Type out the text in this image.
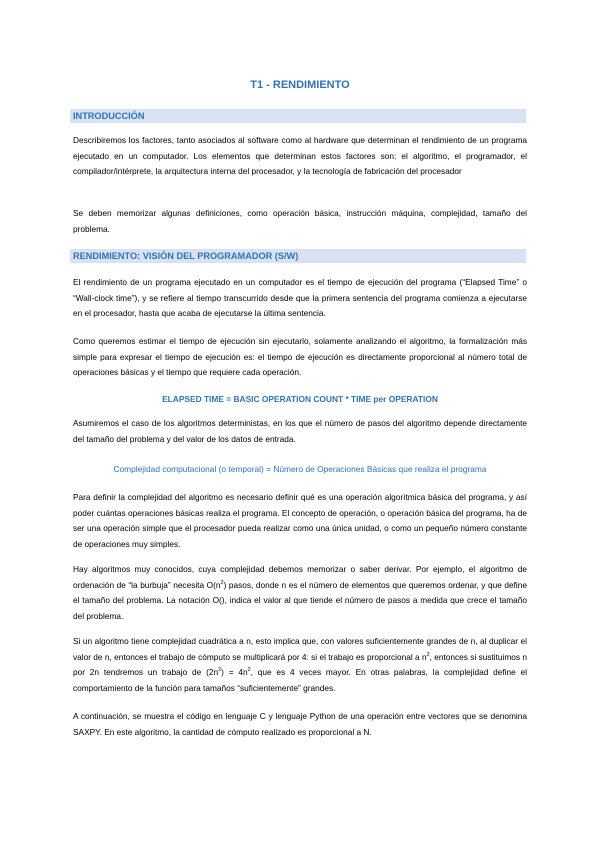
T1 - RENDIMIENTO
INTRODUCCIÓN

Describiremos los factores, tanto asociados al software como al hardware que determinan el rendimiento de un programa ejecutado en un computador. Los elementos que determinan estos factores son: el algoritmo, el programador, el compilador/intérprete, la arquitectura interna del procesador, y la tecnología de fabricación del procesador

Se deben memorizar algunas definiciones, como operación básica, instrucción máquina, complejidad, tamaño del problema.

RENDIMIENTO: VISIÓN DEL PROGRAMADOR (S/W)

El rendimiento de un programa ejecutado en un computador es el tiempo de ejecución del programa (“Elapsed Time” o “Wall-clock time”), y se refiere al tiempo transcurrido desde que la primera sentencia del programa comienza a ejecutarse en el procesador, hasta que acaba de ejecutarse la última sentencia.

Como queremos estimar el tiempo de ejecución sin ejecutarlo, solamente analizando el algoritmo, la formalización más simple para expresar el tiempo de ejecución es: el tiempo de ejecución es directamente proporcional al número total de operaciones básicas y el tiempo que requiere cada operación.

ELAPSED TIME = BASIC OPERATION COUNT * TIME per OPERATION

Asumiremos el caso de los algoritmos deterministas, en los que el número de pasos del algoritmo depende directamente del tamaño del problema y del valor de los datos de entrada.

Complejidad computacional (o temporal) = Número de Operaciones Básicas que realiza el programa

Para definir la complejidad del algoritmo es necesario definir qué es una operación algorítmica básica del programa, y así poder cuántas operaciones básicas realiza el programa. El concepto de operación, o operación básica del programa, ha de ser una operación simple que el procesador pueda realizar como una única unidad, o como un pequeño número constante de operaciones muy simples.

Hay algoritmos muy conocidos, cuya complejidad debemos memorizar o saber derivar. Por ejemplo, el algoritmo de ordenación de “la burbuja” necesita $O(n^2)$ pasos, donde n es el número de elementos que queremos ordenar, y que define el tamaño del problema. La notación O(), indica el valor al que tiende el número de pasos a medida que crece el tamaño del problema.

Si un algoritmo tiene complejidad cuadrática a n, esto implica que, con valores suficientemente grandes de n, al duplicar el valor de n, entonces el trabajo de cómputo se multiplicará por 4: si el trabajo es proporcional a $n^2$, entonces si sustituimos n por 2n tendremos un trabajo de $(2n^2) = 4n^2$, que es 4 veces mayor. En otras palabras, la complejidad define el comportamiento de la función para tamaños “suficientemente” grandes.

A continuación, se muestra el código en lenguaje C y lenguaje Python de una operación entre vectores que se denomina SAXPY. En este algoritmo, la cantidad de cómputo realizado es proporcional a N.
